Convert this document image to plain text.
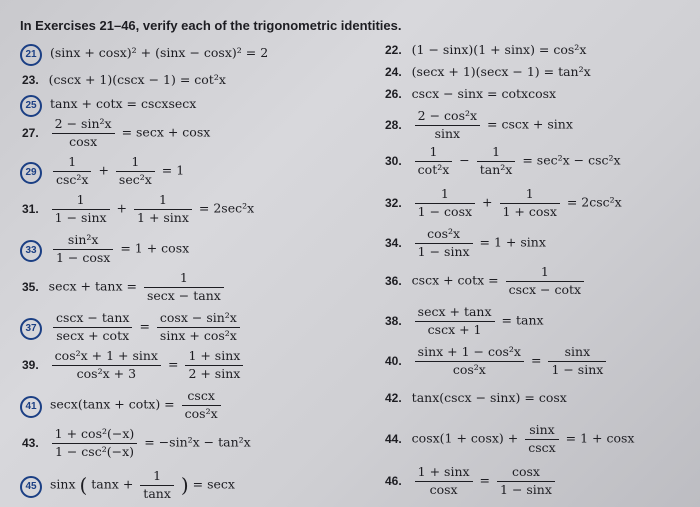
In Exercises 21–46, verify each of the trigonometric identities.
21 (sinx + cosx)² + (sinx − cosx)² = 2
23. (cscx + 1)(cscx − 1) = cot²x
25 tanx + cotx = cscxsecx
27. $\frac{\text{2 − sin²x}}{\cos x} = \sec x + \cos x$
$29 \frac{1}{\text{csc²x}} + \frac{1}{\text{sec²x}} = 1$
31. $\frac{1}{1 - \sin x} + \frac{1}{1 + \sin x} = 2\sec^2x$
$33 \frac{\text{sin²x}}{1 - \cos x} = 1 + \cos x$
35. $\sec x + \tan x = \frac{1}{\sec x - \tan x}$
$37 \frac{\csc x - \tan x}{\sec x + \cot x} = \frac{\text{cosx − sin²x}}{\text{sinx + cos²x}}$
39. $\frac{\text{cos²x + 1 + sinx}}{\text{cos²x + 3}} = \frac{1 + \sin x}{2 + \sin x}$
41 $\sec x(\tan x + \cot x) = \frac{\csc x}{\text{cos²x}}$
43. $\frac{\text{1 + cos²(−x)}}{\text{1 − csc²(−x)}} = -\sin^2x - \tan^2x$
45 sinx ( $\tan x + \frac{1}{\tan x}$ ) = secx
22. (1 − sinx)(1 + sinx) = cos²x
24. (secx + 1)(secx − 1) = tan²x
26. cscx − sinx = cotxcosx
28. $\frac{\text{2 − cos²x}}{\sin x} = \csc x + \sin x$
30. $\frac{1}{\text{cot²x}} - \frac{1}{\text{tan²x}} = \sec^2x - \csc^2x$
32. $\frac{1}{1 - \cos x} + \frac{1}{1 + \cos x} = 2\csc^2x$
34. $\frac{\text{cos²x}}{1 - \sin x} = 1 + \sin x$
36. $\csc x + \cot x = \frac{1}{\csc x - \cot x}$
38. $\frac{\sec x + \tan x}{\csc x + 1} = \tan x$
40. $\frac{\text{sinx + 1 − cos²x}}{\text{cos²x}} = \frac{\sin x}{1 - \sin x}$
42. tanx(cscx − sinx) = cosx
44. $\cos x(1 + \cos x) + \frac{\sin x}{\csc x} = 1 + \cos x$
46. $\frac{1 + \sin x}{\cos x} = \frac{\cos x}{1 - \sin x}$
